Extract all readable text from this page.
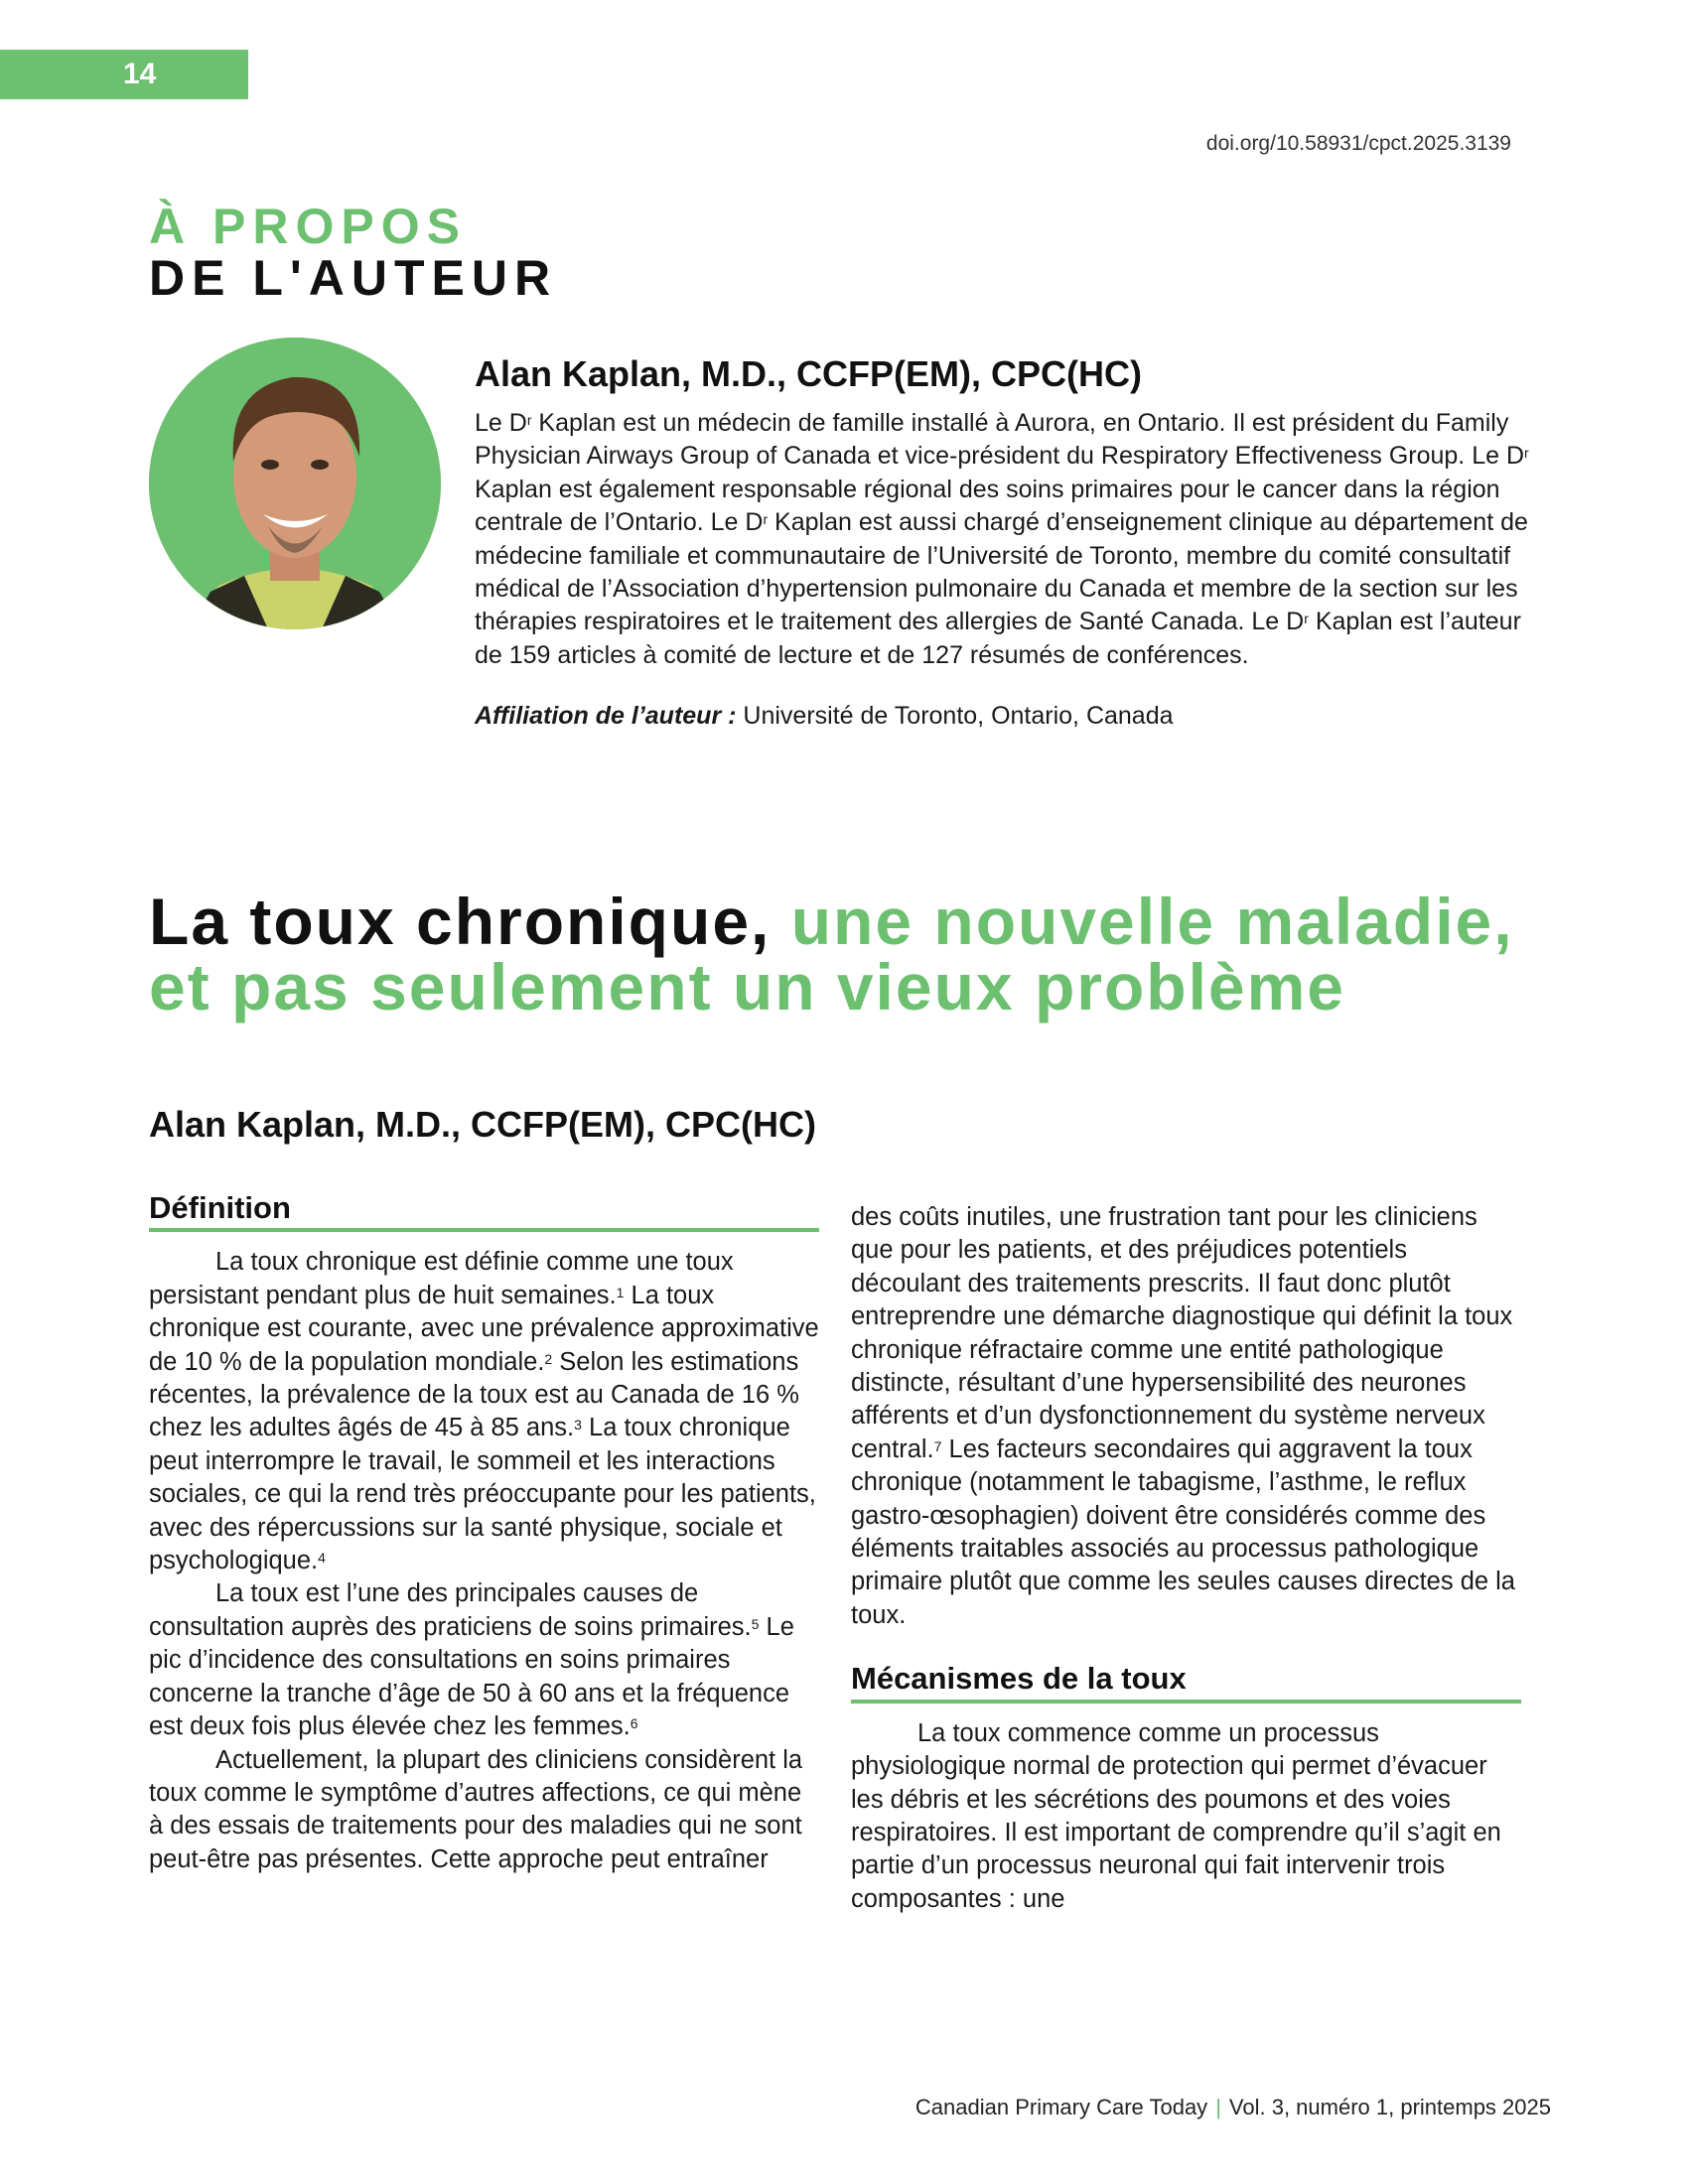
14
doi.org/10.58931/cpct.2025.3139
À PROPOS
DE L'AUTEUR
Alan Kaplan, M.D., CCFP(EM), CPC(HC)

Le $D^r$ Kaplan est un médecin de famille installé à Aurora, en Ontario. Il est président du Family Physician Airways Group of Canada et vice-président du Respiratory Effectiveness Group. Le $D^r$ Kaplan est également responsable régional des soins primaires pour le cancer dans la région centrale de l’Ontario. Le $D^r$ Kaplan est aussi chargé d’enseignement clinique au département de médecine familiale et communautaire de l’Université de Toronto, membre du comité consultatif médical de l’Association d’hypertension pulmonaire du Canada et membre de la section sur les thérapies respiratoires et le traitement des allergies de Santé Canada. Le $D^r$ Kaplan est l’auteur de 159 articles à comité de lecture et de 127 résumés de conférences.

Affiliation de l’auteur : Université de Toronto, Ontario, Canada
La toux chronique, une nouvelle maladie, et pas seulement un vieux problème
Alan Kaplan, M.D., CCFP(EM), CPC(HC)
Définition

La toux chronique est définie comme une toux persistant pendant plus de huit semaines.$^1$ La toux chronique est courante, avec une prévalence approximative de 10 % de la population mondiale.$^2$ Selon les estimations récentes, la prévalence de la toux est au Canada de 16 % chez les adultes âgés de 45 à 85 ans.$^3$ La toux chronique peut interrompre le travail, le sommeil et les interactions sociales, ce qui la rend très préoccupante pour les patients, avec des répercussions sur la santé physique, sociale et psychologique.$^4$

La toux est l’une des principales causes de consultation auprès des praticiens de soins primaires.$^5$ Le pic d’incidence des consultations en soins primaires concerne la tranche d’âge de 50 à 60 ans et la fréquence est deux fois plus élevée chez les femmes.$^6$

Actuellement, la plupart des cliniciens considèrent la toux comme le symptôme d’autres affections, ce qui mène à des essais de traitements pour des maladies qui ne sont peut-être pas présentes. Cette approche peut entraîner

des coûts inutiles, une frustration tant pour les cliniciens que pour les patients, et des préjudices potentiels découlant des traitements prescrits. Il faut donc plutôt entreprendre une démarche diagnostique qui définit la toux chronique réfractaire comme une entité pathologique distincte, résultant d’une hypersensibilité des neurones afférents et d’un dysfonctionnement du système nerveux central.$^7$ Les facteurs secondaires qui aggravent la toux chronique (notamment le tabagisme, l’asthme, le reflux gastro-œsophagien) doivent être considérés comme des éléments traitables associés au processus pathologique primaire plutôt que comme les seules causes directes de la toux.

Mécanismes de la toux

La toux commence comme un processus physiologique normal de protection qui permet d’évacuer les débris et les sécrétions des poumons et des voies respiratoires. Il est important de comprendre qu’il s’agit en partie d’un processus neuronal qui fait intervenir trois composantes : une

Canadian Primary Care Today | Vol. 3, numéro 1, printemps 2025
